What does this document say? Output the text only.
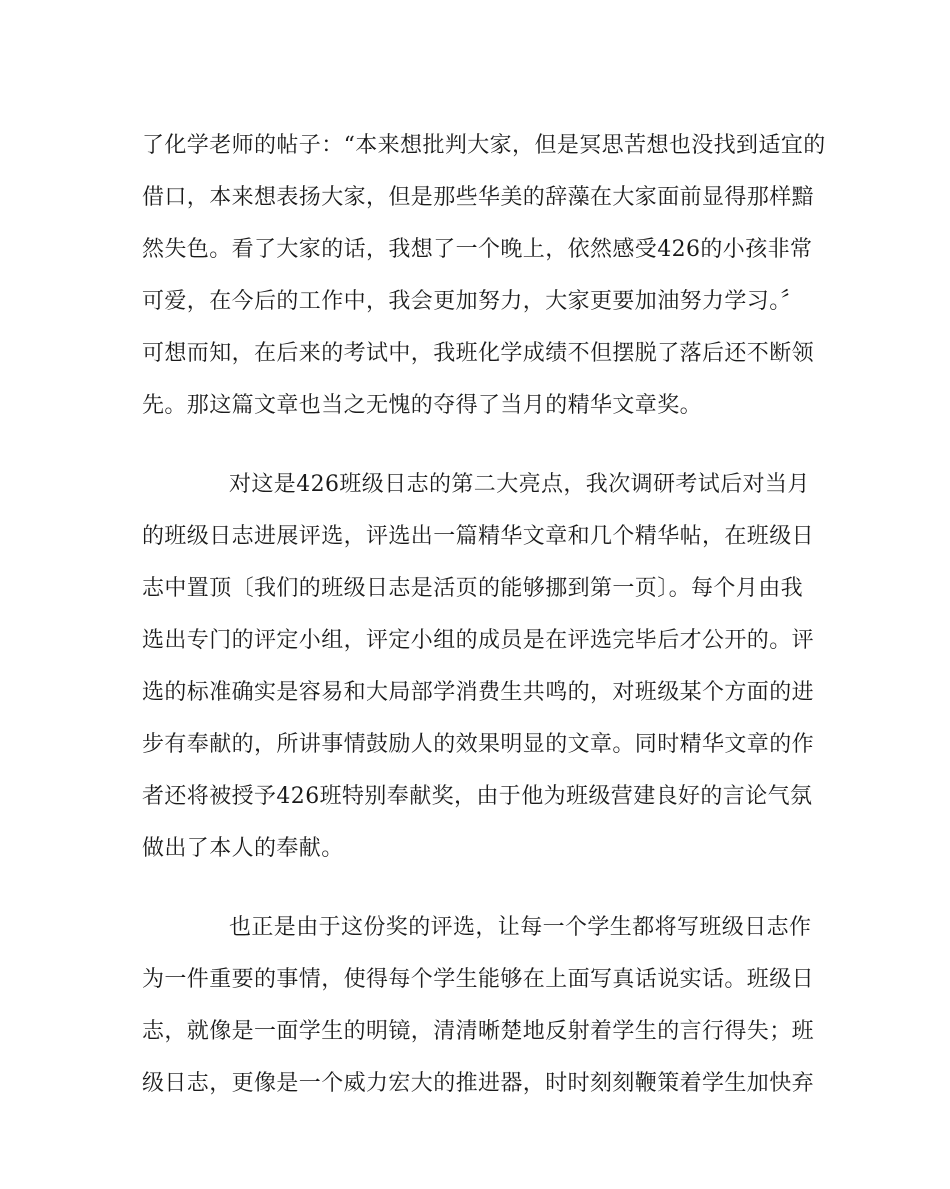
了化学老师的帖子：“本来想批判大家，但是冥思苦想也没找到适宜的
借口，本来想表扬大家，但是那些华美的辞藻在大家面前显得那样黯
然失色。看了大家的话，我想了一个晚上，依然感受426的小孩非常
可爱，在今后的工作中，我会更加努力，大家更要加油努力学习。〞
可想而知，在后来的考试中，我班化学成绩不但摆脱了落后还不断领
先。那这篇文章也当之无愧的夺得了当月的精华文章奖。
对这是426班级日志的第二大亮点，我次调研考试后对当月
的班级日志进展评选，评选出一篇精华文章和几个精华帖，在班级日
志中置顶〔我们的班级日志是活页的能够挪到第一页〕。每个月由我
选出专门的评定小组，评定小组的成员是在评选完毕后才公开的。评
选的标准确实是容易和大局部学消费生共鸣的，对班级某个方面的进
步有奉献的，所讲事情鼓励人的效果明显的文章。同时精华文章的作
者还将被授予426班特别奉献奖，由于他为班级营建良好的言论气氛
做出了本人的奉献。
也正是由于这份奖的评选，让每一个学生都将写班级日志作
为一件重要的事情，使得每个学生能够在上面写真话说实话。班级日
志，就像是一面学生的明镜，清清晰楚地反射着学生的言行得失；班
级日志，更像是一个威力宏大的推进器，时时刻刻鞭策着学生加快弃
